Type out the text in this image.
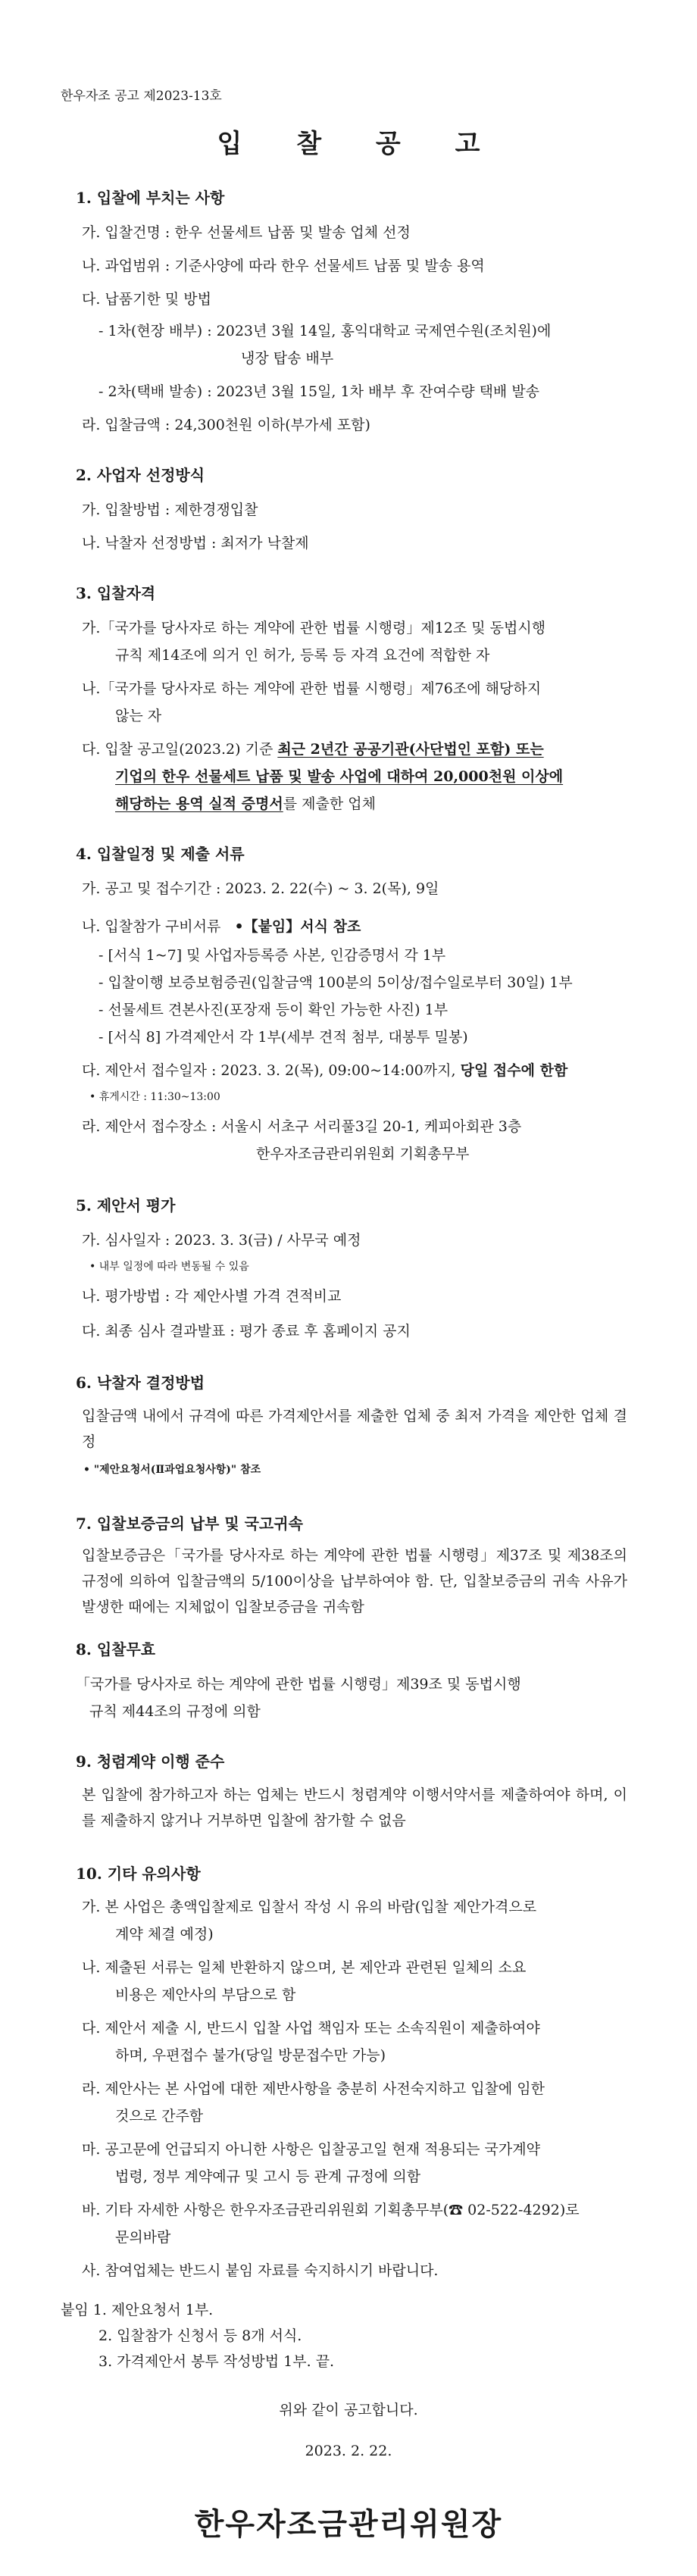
한우자조 공고 제2023-13호
입 찰 공 고
1. 입찰에 부치는 사항
가. 입찰건명 : 한우 선물세트 납품 및 발송 업체 선정
나. 과업범위 : 기준사양에 따라 한우 선물세트 납품 및 발송 용역
다. 납품기한 및 방법
- 1차(현장 배부) : 2023년 3월 14일, 홍익대학교 국제연수원(조치원)에
냉장 탑송 배부
- 2차(택배 발송) : 2023년 3월 15일, 1차 배부 후 잔여수량 택배 발송
라. 입찰금액 : 24,300천원 이하(부가세 포함)
2. 사업자 선정방식
가. 입찰방법 : 제한경쟁입찰
나. 낙찰자 선정방법 : 최저가 낙찰제
3. 입찰자격
가.「국가를 당사자로 하는 계약에 관한 법률 시행령」제12조 및 동법시행
규칙 제14조에 의거 인 허가, 등록 등 자격 요건에 적합한 자
나.「국가를 당사자로 하는 계약에 관한 법률 시행령」제76조에 해당하지
않는 자
다. 입찰 공고일(2023.2) 기준 최근 2년간 공공기관(사단법인 포함) 또는
기업의 한우 선물세트 납품 및 발송 사업에 대하여 20,000천원 이상에
해당하는 용역 실적 증명서를 제출한 업체
4. 입찰일정 및 제출 서류
가. 공고 및 접수기간 : 2023. 2. 22(수) ~ 3. 2(목), 9일
나. 입찰참가 구비서류 •【붙임】서식 참조
- [서식 1~7] 및 사업자등록증 사본, 인감증명서 각 1부
- 입찰이행 보증보험증권(입찰금액 100분의 5이상/접수일로부터 30일) 1부
- 선물세트 견본사진(포장재 등이 확인 가능한 사진) 1부
- [서식 8] 가격제안서 각 1부(세부 견적 첨부, 대봉투 밀봉)
다. 제안서 접수일자 : 2023. 3. 2(목), 09:00~14:00까지, 당일 접수에 한함
• 휴게시간 : 11:30~13:00
라. 제안서 접수장소 : 서울시 서초구 서리풀3길 20-1, 케피아회관 3층
한우자조금관리위원회 기획총무부
5. 제안서 평가
가. 심사일자 : 2023. 3. 3(금) / 사무국 예정
• 내부 일정에 따라 변동될 수 있음
나. 평가방법 : 각 제안사별 가격 견적비교
다. 최종 심사 결과발표 : 평가 종료 후 홈페이지 공지
6. 낙찰자 결정방법
입찰금액 내에서 규격에 따른 가격제안서를 제출한 업체 중 최저 가격을 제안한 업체 결정
• "제안요청서(Ⅱ과업요청사항)" 참조
7. 입찰보증금의 납부 및 국고귀속
입찰보증금은「국가를 당사자로 하는 계약에 관한 법률 시행령」제37조 및 제38조의 규정에 의하여 입찰금액의 5/100이상을 납부하여야 함. 단, 입찰보증금의 귀속 사유가 발생한 때에는 지체없이 입찰보증금을 귀속함
8. 입찰무효
「국가를 당사자로 하는 계약에 관한 법률 시행령」제39조 및 동법시행
규칙 제44조의 규정에 의함
9. 청렴계약 이행 준수
본 입찰에 참가하고자 하는 업체는 반드시 청렴계약 이행서약서를 제출하여야 하며, 이를 제출하지 않거나 거부하면 입찰에 참가할 수 없음
10. 기타 유의사항
가. 본 사업은 총액입찰제로 입찰서 작성 시 유의 바람(입찰 제안가격으로
계약 체결 예정)
나. 제출된 서류는 일체 반환하지 않으며, 본 제안과 관련된 일체의 소요
비용은 제안사의 부담으로 함
다. 제안서 제출 시, 반드시 입찰 사업 책임자 또는 소속직원이 제출하여야
하며, 우편접수 불가(당일 방문접수만 가능)
라. 제안사는 본 사업에 대한 제반사항을 충분히 사전숙지하고 입찰에 임한
것으로 간주함
마. 공고문에 언급되지 아니한 사항은 입찰공고일 현재 적용되는 국가계약
법령, 정부 계약예규 및 고시 등 관계 규정에 의함
바. 기타 자세한 사항은 한우자조금관리위원회 기획총무부(☎ 02-522-4292)로
문의바람
사. 참여업체는 반드시 붙임 자료를 숙지하시기 바랍니다.
붙임 1. 제안요청서 1부.
2. 입찰참가 신청서 등 8개 서식.
3. 가격제안서 봉투 작성방법 1부. 끝.
위와 같이 공고합니다.
2023. 2. 22.
한우자조금관리위원장
